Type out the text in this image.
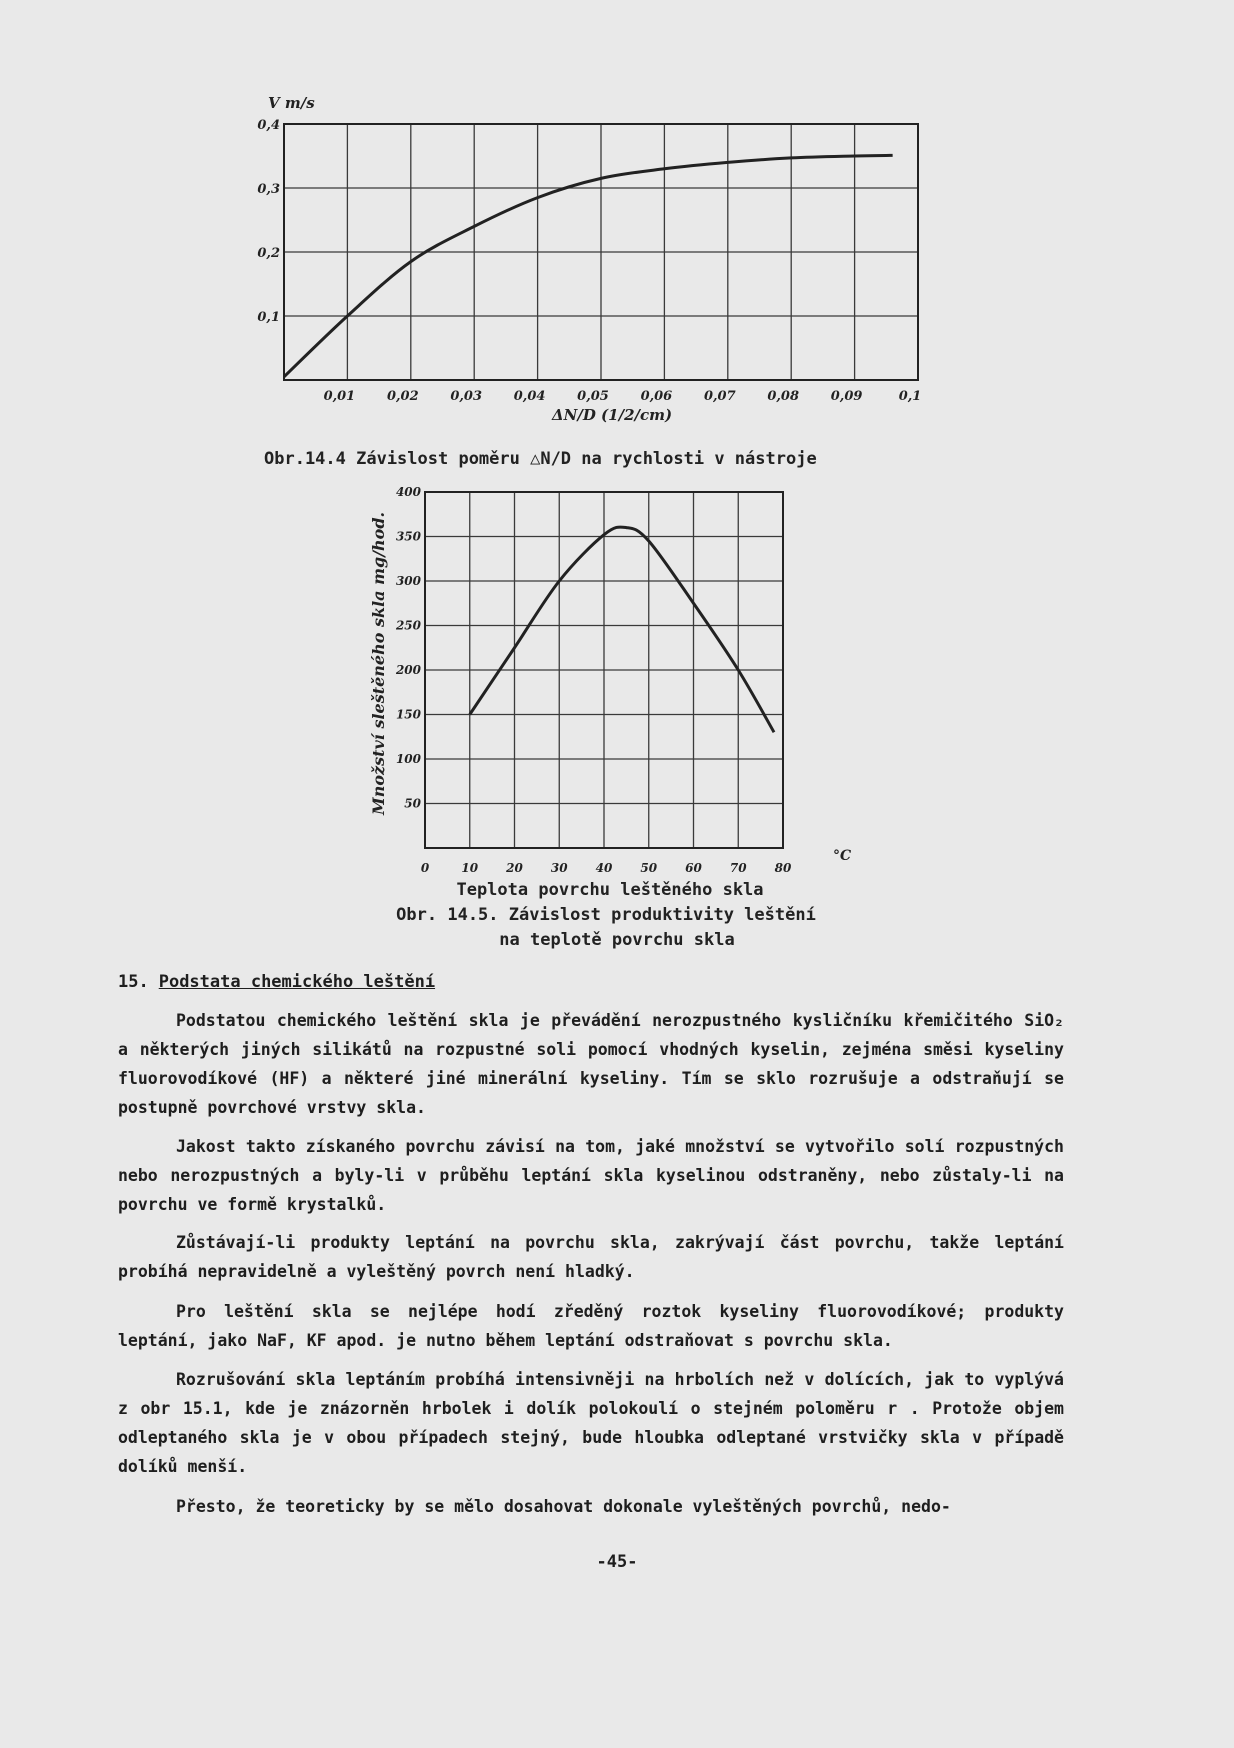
0,01 0,02 0,03 0,04 0,05 0,06 0,07 0,08 0,09	0,1
0,1
0,2
0,3
0,4
V m/s
ΔN/D (1/2/cm)
Obr.14.4 Závislost poměru △N/D na rychlosti v nástroje
0	10 20 30 40 50 60 70 80
50
100
150
200
250
300
350
400
Množství sleštěného skla mg/hod.
°C
Teplota povrchu leštěného skla
Obr. 14.5. Závislost produktivity leštění
na teplotě povrchu skla
15. Podstata chemického leštění

Podstatou chemického leštění skla je převádění nerozpustného kysličníku křemičitého SiO₂ a některých jiných silikátů na rozpustné soli pomocí vhodných kyselin, zejména směsi kyseliny fluorovodíkové (HF) a některé jiné minerální kyseliny. Tím se sklo rozrušuje a odstraňují se postupně povrchové vrstvy skla.

Jakost takto získaného povrchu závisí na tom, jaké množství se vytvořilo solí rozpustných nebo nerozpustných a byly-li v průběhu leptání skla kyselinou odstraněny, nebo zůstaly-li na povrchu ve formě krystalků.

Zůstávají-li produkty leptání na povrchu skla, zakrývají část povrchu, takže leptání probíhá nepravidelně a vyleštěný povrch není hladký.

Pro leštění skla se nejlépe hodí zředěný roztok kyseliny fluorovodíkové; produkty leptání, jako NaF, KF apod. je nutno během leptání odstraňovat s povrchu skla.

Rozrušování skla leptáním probíhá intensivněji na hrbolích než v dolících, jak to vyplývá z obr 15.1, kde je znázorněn hrbolek i dolík polokoulí o stejném poloměru r . Protože objem odleptaného skla je v obou případech stejný, bude hloubka odleptané vrstvičky skla v případě dolíků menší.

Přesto, že teoreticky by se mělo dosahovat dokonale vyleštěných povrchů, nedo-

-45-
